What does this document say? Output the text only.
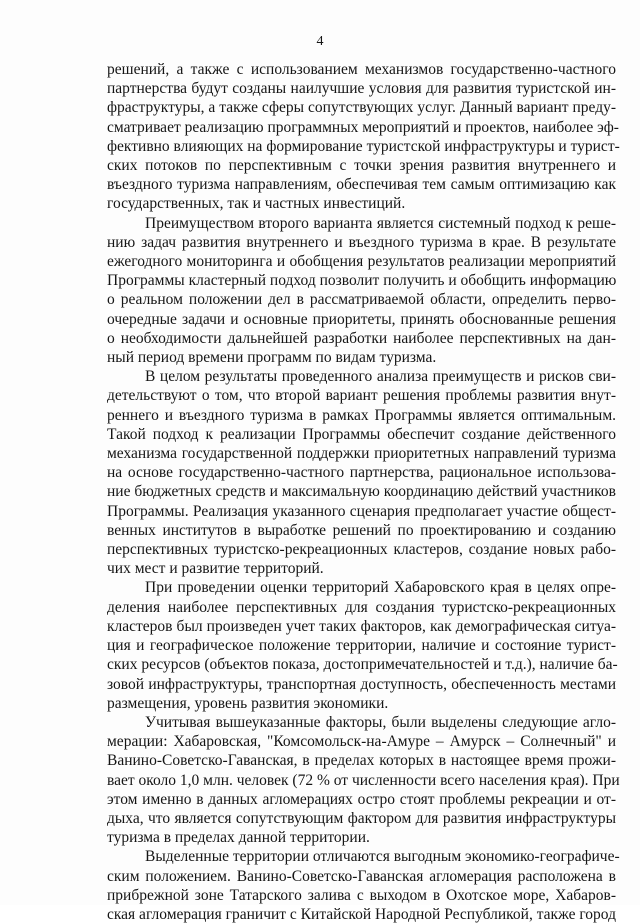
4
решений, а также с использованием механизмов государственно-частного
партнерства будут созданы наилучшие условия для развития туристской ин-
фраструктуры, а также сферы сопутствующих услуг. Данный вариант преду-
сматривает реализацию программных мероприятий и проектов, наиболее эф-
фективно влияющих на формирование туристской инфраструктуры и турист-
ских потоков по перспективным с точки зрения развития внутреннего и
въездного туризма направлениям, обеспечивая тем самым оптимизацию как
государственных, так и частных инвестиций.
Преимуществом второго варианта является системный подход к реше-
нию задач развития внутреннего и въездного туризма в крае. В результате
ежегодного мониторинга и обобщения результатов реализации мероприятий
Программы кластерный подход позволит получить и обобщить информацию
о реальном положении дел в рассматриваемой области, определить перво-
очередные задачи и основные приоритеты, принять обоснованные решения
о необходимости дальнейшей разработки наиболее перспективных на дан-
ный период времени программ по видам туризма.
В целом результаты проведенного анализа преимуществ и рисков сви-
детельствуют о том, что второй вариант решения проблемы развития внут-
реннего и въездного туризма в рамках Программы является оптимальным.
Такой подход к реализации Программы обеспечит создание действенного
механизма государственной поддержки приоритетных направлений туризма
на основе государственно-частного партнерства, рациональное использова-
ние бюджетных средств и максимальную координацию действий участников
Программы. Реализация указанного сценария предполагает участие общест-
венных институтов в выработке решений по проектированию и созданию
перспективных туристско-рекреационных кластеров, создание новых рабо-
чих мест и развитие территорий.
При проведении оценки территорий Хабаровского края в целях опре-
деления наиболее перспективных для создания туристско-рекреационных
кластеров был произведен учет таких факторов, как демографическая ситуа-
ция и географическое положение территории, наличие и состояние турист-
ских ресурсов (объектов показа, достопримечательностей и т.д.), наличие ба-
зовой инфраструктуры, транспортная доступность, обеспеченность местами
размещения, уровень развития экономики.
Учитывая вышеуказанные факторы, были выделены следующие агло-
мерации: Хабаровская, "Комсомольск-на-Амуре – Амурск – Солнечный" и
Ванино-Советско-Гаванская, в пределах которых в настоящее время прожи-
вает около 1,0 млн. человек (72 % от численности всего населения края). При
этом именно в данных агломерациях остро стоят проблемы рекреации и от-
дыха, что является сопутствующим фактором для развития инфраструктуры
туризма в пределах данной территории.
Выделенные территории отличаются выгодным экономико-географиче-
ским положением. Ванино-Советско-Гаванская агломерация расположена в
прибрежной зоне Татарского залива с выходом в Охотское море, Хабаров-
ская агломерация граничит с Китайской Народной Республикой, также город
